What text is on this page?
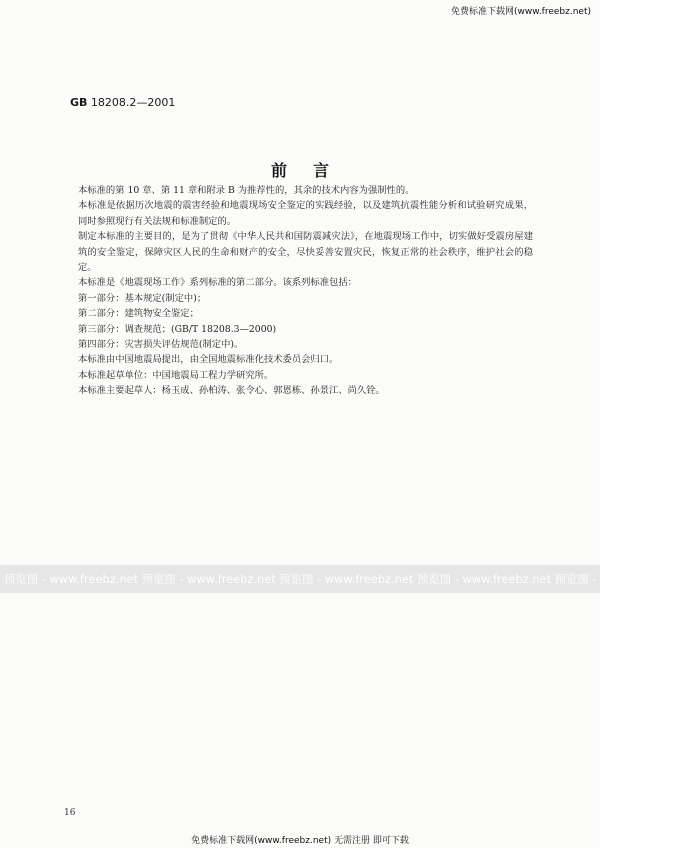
免费标准下载网(www.freebz.net)
GB 18208.2—2001
前言

本标准的第 10 章、第 11 章和附录 B 为推荐性的，其余的技术内容为强制性的。

本标准是依据历次地震的震害经验和地震现场安全鉴定的实践经验，以及建筑抗震性能分析和试验研究成果，同时参照现行有关法规和标准制定的。

制定本标准的主要目的，是为了贯彻《中华人民共和国防震减灾法》，在地震现场工作中，切实做好受震房屋建筑的安全鉴定，保障灾区人民的生命和财产的安全，尽快妥善安置灾民，恢复正常的社会秩序，维护社会的稳定。

本标准是《地震现场工作》系列标准的第二部分。该系列标准包括：

第一部分：基本规定(制定中)；

第二部分：建筑物安全鉴定；

第三部分：调查规范；(GB/T 18208.3—2000)

第四部分：灾害损失评估规范(制定中)。

本标准由中国地震局提出，由全国地震标准化技术委员会归口。

本标准起草单位：中国地震局工程力学研究所。

本标准主要起草人：杨玉成、孙柏涛、张令心、郭恩栋、孙景江、尚久铨。

预览图 - www.freebz.net 预览图 - www.freebz.net 预览图 - www.freebz.net 预览图 - www.freebz.net 预览图 - www.freebz.net
16
免费标准下载网(www.freebz.net) 无需注册 即可下载
